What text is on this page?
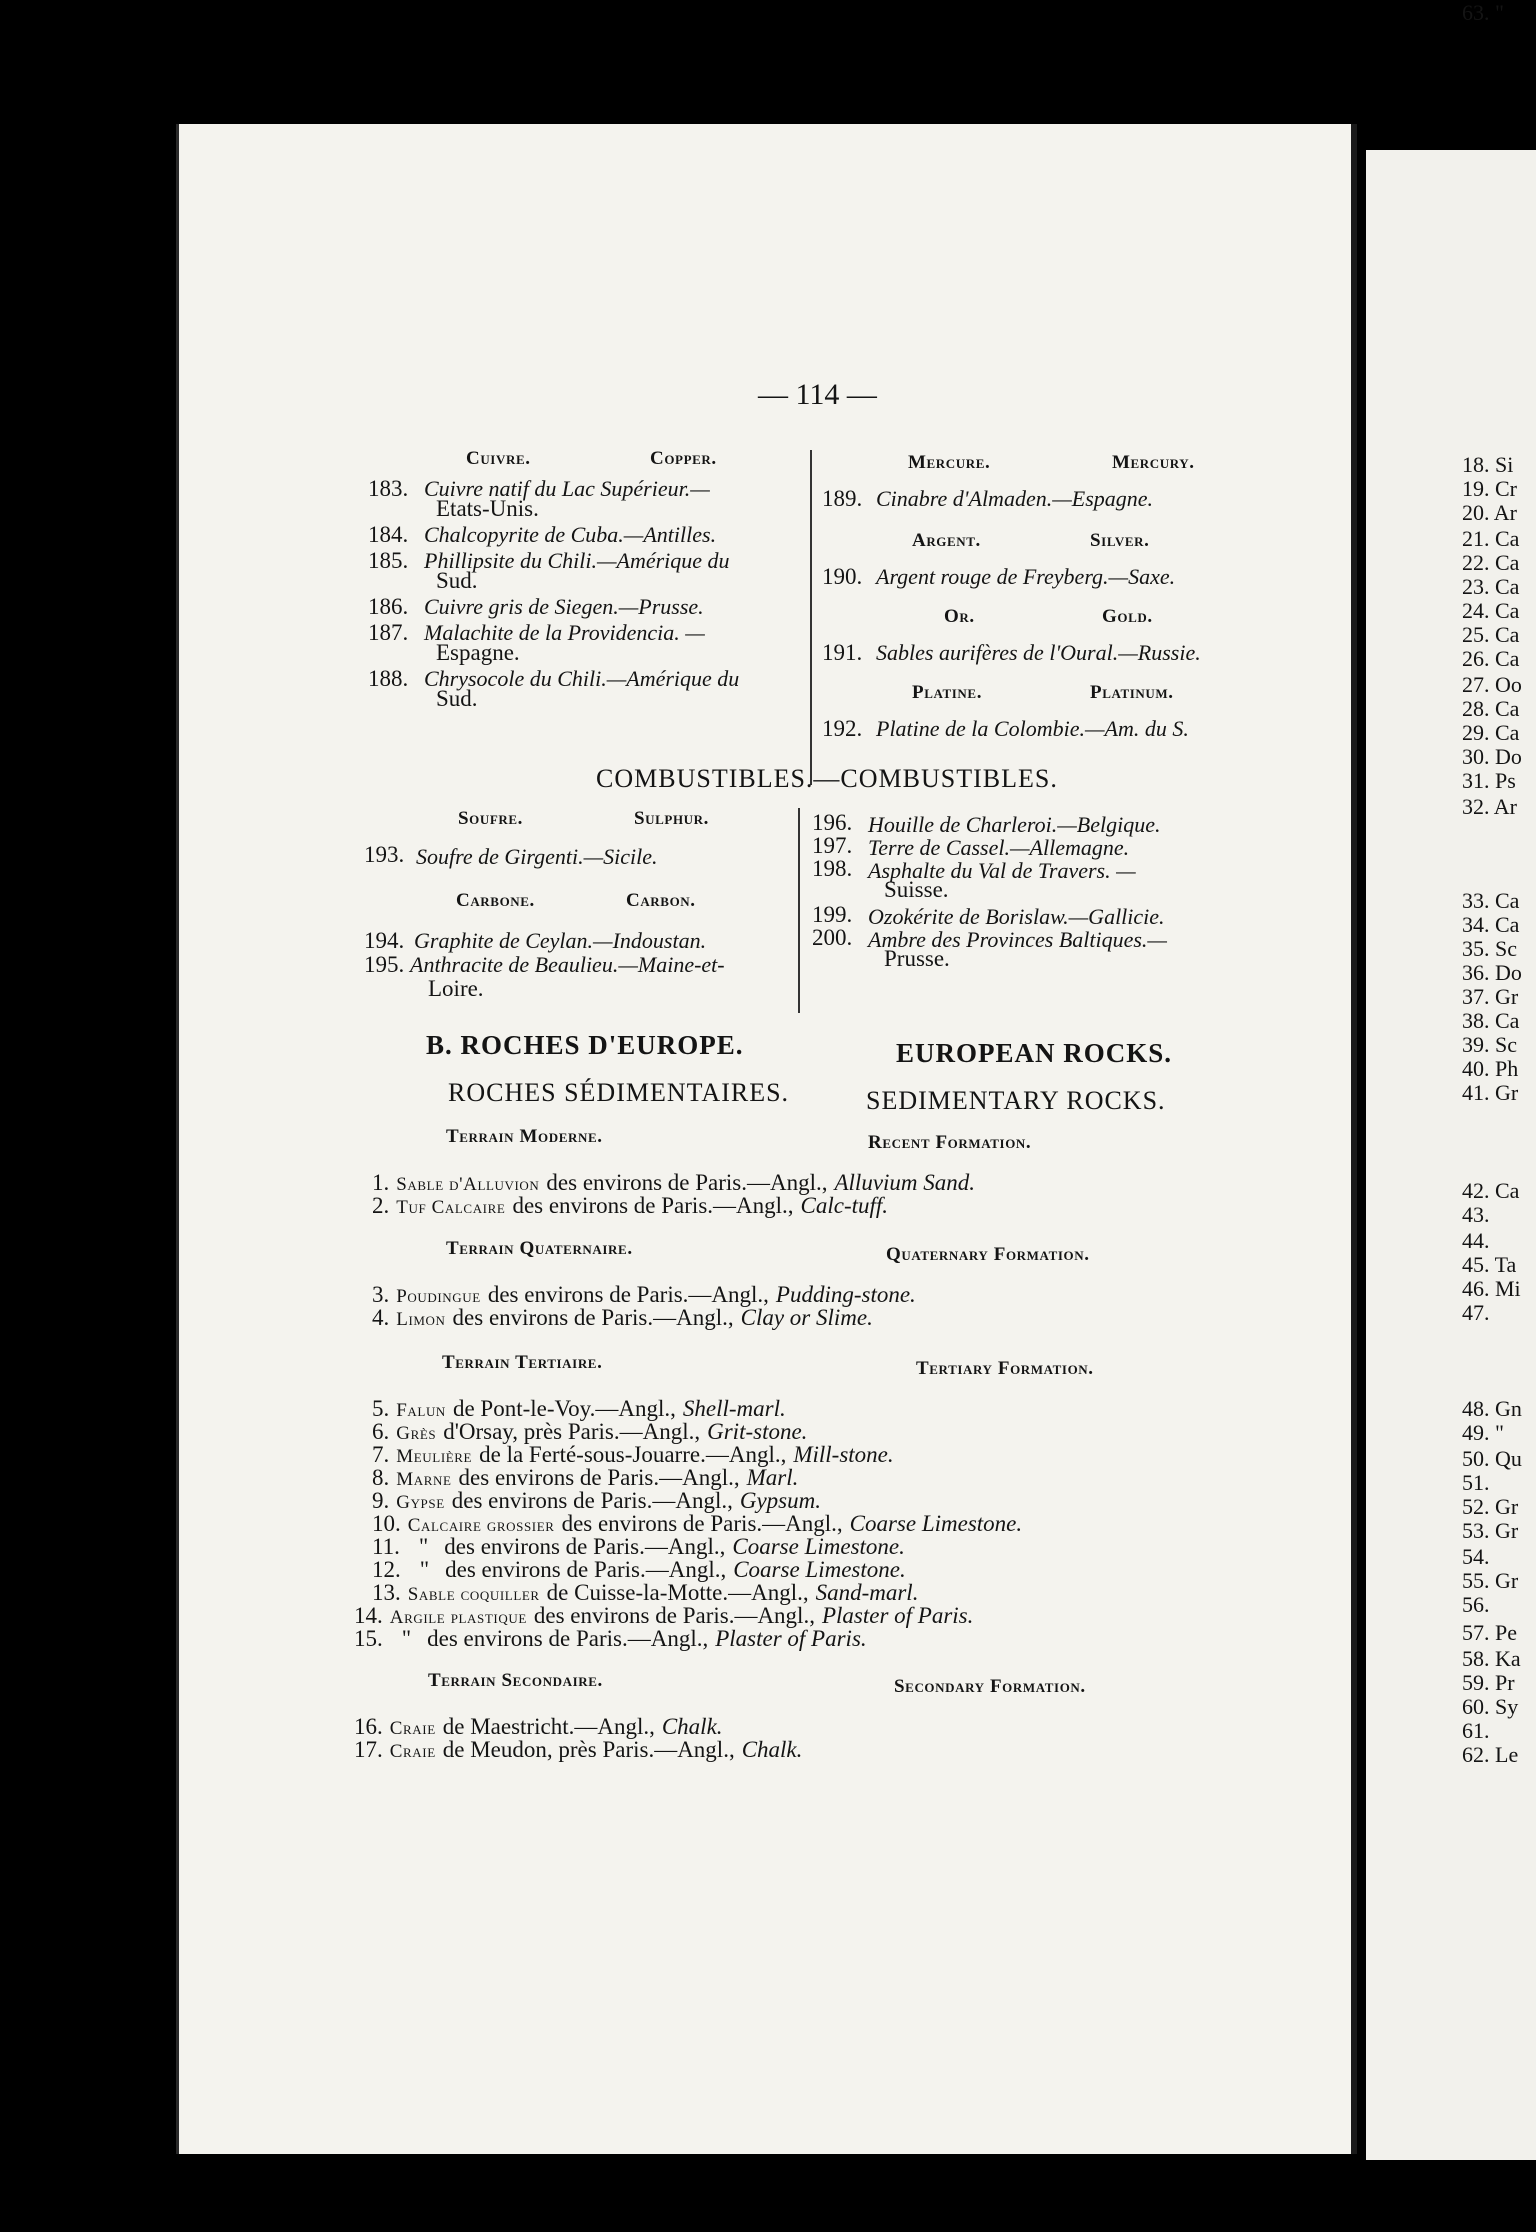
— 114 —
Cuivre.	Copper.
183. Cuivre natif du Lac Supérieur.—
Etats-Unis.
184. Chalcopyrite de Cuba.—Antilles.
185. Phillipsite du Chili.—Amérique du
Sud.
186. Cuivre gris de Siegen.—Prusse.
187. Malachite de la Providencia. —
Espagne.
188. Chrysocole du Chili.—Amérique du
Sud.
Mercure.	Mercury.
189. Cinabre d'Almaden.—Espagne.
Argent.	Silver.
190. Argent rouge de Freyberg.—Saxe.
Or.	Gold.
191. Sables aurifères de l'Oural.—Russie.
Platine.	Platinum.
192. Platine de la Colombie.—Am. du S.
COMBUSTIBLES.—COMBUSTIBLES.
Soufre.	Sulphur.
193. Soufre de Girgenti.—Sicile.
Carbone.	Carbon.
194. Graphite de Ceylan.—Indoustan.
195. Anthracite de Beaulieu.—Maine-et-
Loire.
196. Houille de Charleroi.—Belgique.
197. Terre de Cassel.—Allemagne.
198. Asphalte du Val de Travers. —
Suisse.
199. Ozokérite de Borislaw.—Gallicie.
200. Ambre des Provinces Baltiques.—
Prusse.
B. ROCHES D'EUROPE.	EUROPEAN ROCKS.
ROCHES SÉDIMENTAIRES.	SEDIMENTARY ROCKS.
Terrain Moderne.	Recent Formation.
1. Sable d'Alluvion des environs de Paris.—Angl., Alluvium Sand.
2. Tuf Calcaire des environs de Paris.—Angl., Calc-tuff.
Terrain Quaternaire.	Quaternary Formation.
3. Poudingue des environs de Paris.—Angl., Pudding-stone.
4. Limon des environs de Paris.—Angl., Clay or Slime.
Terrain Tertiaire.	Tertiary Formation.
5. Falun de Pont-le-Voy.—Angl., Shell-marl.
6. Grès d'Orsay, près Paris.—Angl., Grit-stone.
7. Meulière de la Ferté-sous-Jouarre.—Angl., Mill-stone.
8. Marne des environs de Paris.—Angl., Marl.
9. Gypse des environs de Paris.—Angl., Gypsum.
10. Calcaire grossier des environs de Paris.—Angl., Coarse Limestone.
11. " des environs de Paris.—Angl., Coarse Limestone.
12. " des environs de Paris.—Angl., Coarse Limestone.
13. Sable coquiller de Cuisse-la-Motte.—Angl., Sand-marl.
14. Argile plastique des environs de Paris.—Angl., Plaster of Paris.
15. " des environs de Paris.—Angl., Plaster of Paris.
Terrain Secondaire.	Secondary Formation.
16. Craie de Maestricht.—Angl., Chalk.
17. Craie de Meudon, près Paris.—Angl., Chalk.
18. Si
19. Cr
20. Ar
21. Ca
22. Ca
23. Ca
24. Ca
25. Ca
26. Ca
27. Oo
28. Ca
29. Ca
30. Do
31. Ps
32. Ar
33. Ca
34. Ca
35. Sc
36. Do
37. Gr
38. Ca
39. Sc
40. Ph
41. Gr
42. Ca
43.
44.
45. Ta
46. Mi
47.
48. Gn
49. "
50. Qu
51.
52. Gr
53. Gr
54.
55. Gr
56.
57. Pe
58. Ka
59. Pr
60. Sy
61.
62. Le
63. "
